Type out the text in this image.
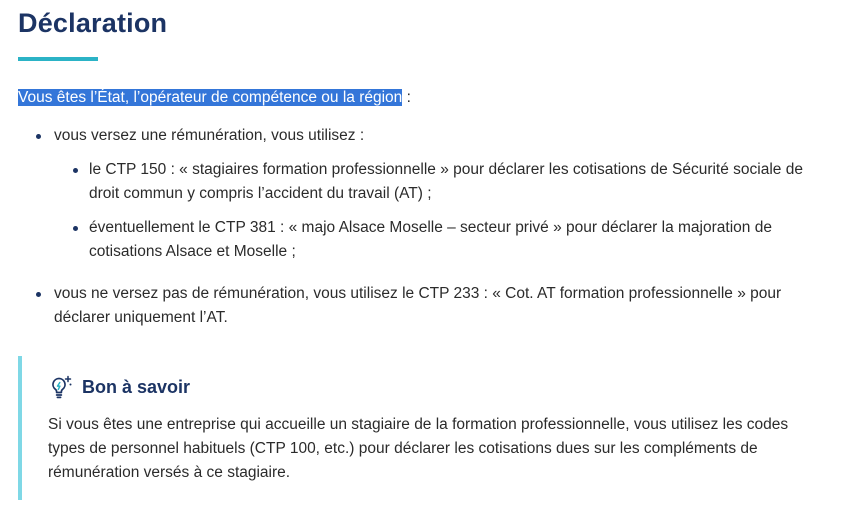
Déclaration

Vous êtes l’État, l’opérateur de compétence ou la région :

vous versez une rémunération, vous utilisez :
le CTP 150 : « stagiaires formation professionnelle » pour déclarer les cotisations de Sécurité sociale de droit commun y compris l’accident du travail (AT) ;
éventuellement le CTP 381 : « majo Alsace Moselle – secteur privé » pour déclarer la majoration de cotisations Alsace et Moselle ;
vous ne versez pas de rémunération, vous utilisez le CTP 233 : « Cot. AT formation professionnelle » pour déclarer uniquement l’AT.
Bon à savoir

Si vous êtes une entreprise qui accueille un stagiaire de la formation professionnelle, vous utilisez les codes types de personnel habituels (CTP 100, etc.) pour déclarer les cotisations dues sur les compléments de rémunération versés à ce stagiaire.
